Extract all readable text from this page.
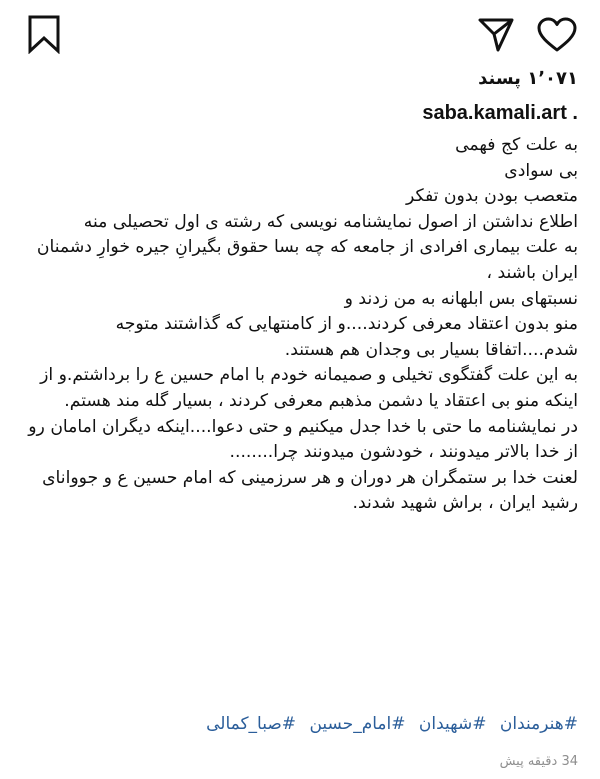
۱٬۰۷۱ پسند
. saba.kamali.art

به علت کج فهمی

بی سوادی

متعصب بودن بدون تفکر

اطلاع نداشتن از اصول نمایشنامه نویسی که رشته ی اول تحصیلی منه

به علت بیماری افرادی از جامعه که چه بسا حقوق بگیرانِ جیره خوارِ دشمنان ایران باشند ،

نسبتهای بس ابلهانه به من زدند و

منو بدون اعتقاد معرفی کردند....و از کامنتهایی که گذاشتند متوجه شدم....اتفاقا بسیار بی وجدان هم هستند.

به این علت گفتگوی تخیلی و صمیمانه خودم با امام حسین ع را برداشتم.و از اینکه منو بی اعتقاد یا دشمن مذهبم معرفی کردند ، بسیار گله مند هستم.

در نمایشنامه ما حتی با خدا جدل میکنیم و حتی دعوا....اینکه دیگران امامان رو از خدا بالاتر میدونند ، خودشون میدونند چرا........

لعنت خدا بر ستمگران هر دوران و هر سرزمینی که امام حسین ع و جووانای رشید ایران ، براش شهید شدند.

#هنرمندان #شهیدان #امام_حسین #صبا_کمالی
34 دقیقه پیش
